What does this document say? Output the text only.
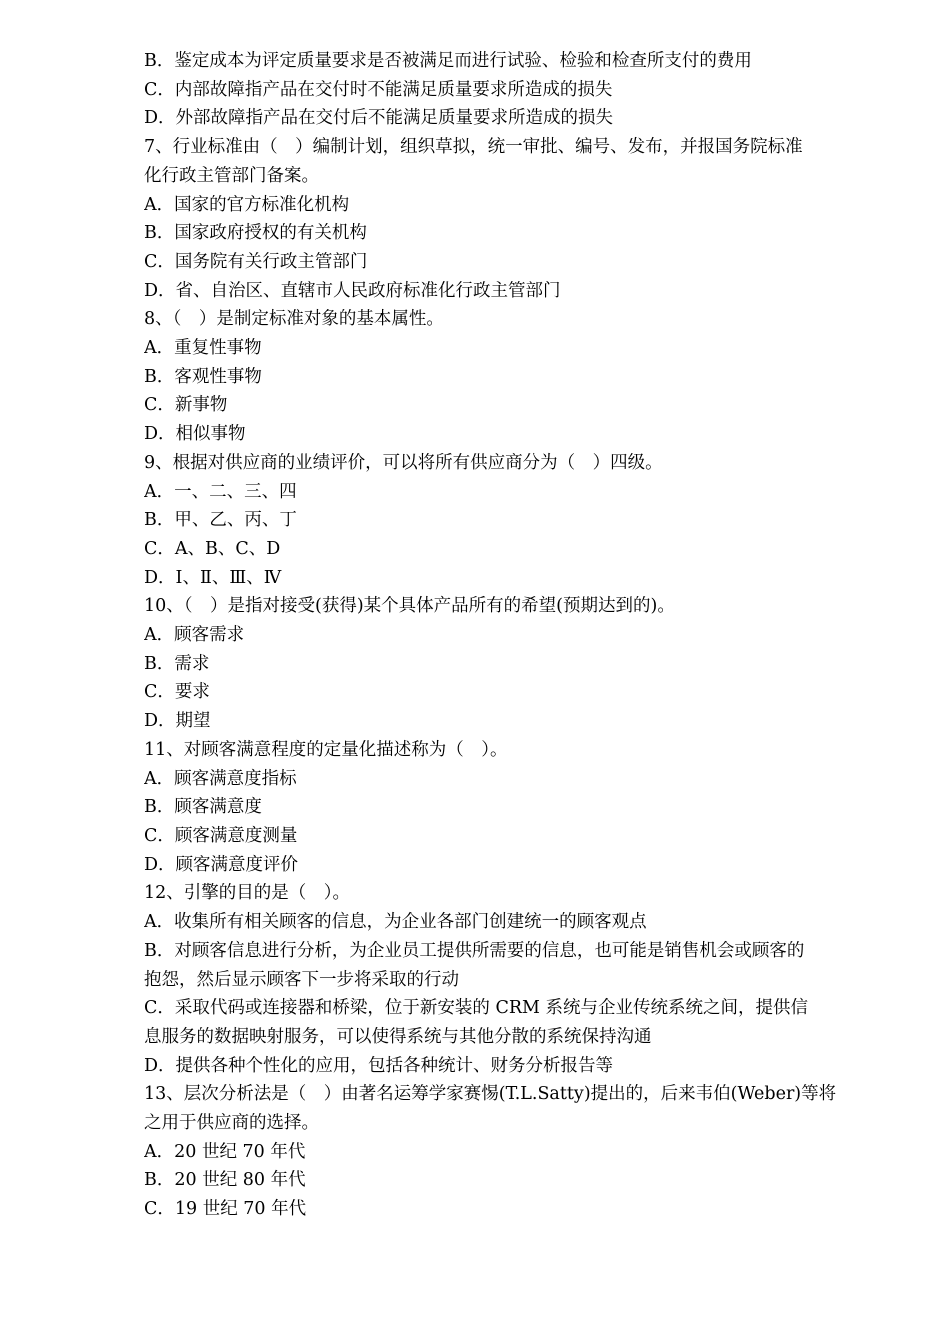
B．鉴定成本为评定质量要求是否被满足而进行试验、检验和检查所支付的费用
C．内部故障指产品在交付时不能满足质量要求所造成的损失
D．外部故障指产品在交付后不能满足质量要求所造成的损失
7、行业标准由（　）编制计划，组织草拟，统一审批、编号、发布，并报国务院标准
化行政主管部门备案。
A．国家的官方标准化机构
B．国家政府授权的有关机构
C．国务院有关行政主管部门
D．省、自治区、直辖市人民政府标准化行政主管部门
8、（　）是制定标准对象的基本属性。
A．重复性事物
B．客观性事物
C．新事物
D．相似事物
9、根据对供应商的业绩评价，可以将所有供应商分为（　）四级。
A．一、二、三、四
B．甲、乙、丙、丁
C．A、B、C、D
D．Ⅰ、Ⅱ、Ⅲ、Ⅳ
10、（　）是指对接受(获得)某个具体产品所有的希望(预期达到的)。
A．顾客需求
B．需求
C．要求
D．期望
11、对顾客满意程度的定量化描述称为（　）。
A．顾客满意度指标
B．顾客满意度
C．顾客满意度测量
D．顾客满意度评价
12、引擎的目的是（　）。
A．收集所有相关顾客的信息，为企业各部门创建统一的顾客观点
B．对顾客信息进行分析，为企业员工提供所需要的信息，也可能是销售机会或顾客的
抱怨，然后显示顾客下一步将采取的行动
C．采取代码或连接器和桥梁，位于新安装的 CRM 系统与企业传统系统之间，提供信
息服务的数据映射服务，可以使得系统与其他分散的系统保持沟通
D．提供各种个性化的应用，包括各种统计、财务分析报告等
13、层次分析法是（　）由著名运筹学家赛惕(T.L.Satty)提出的，后来韦伯(Weber)等将
之用于供应商的选择。
A．20 世纪 70 年代
B．20 世纪 80 年代
C．19 世纪 70 年代
